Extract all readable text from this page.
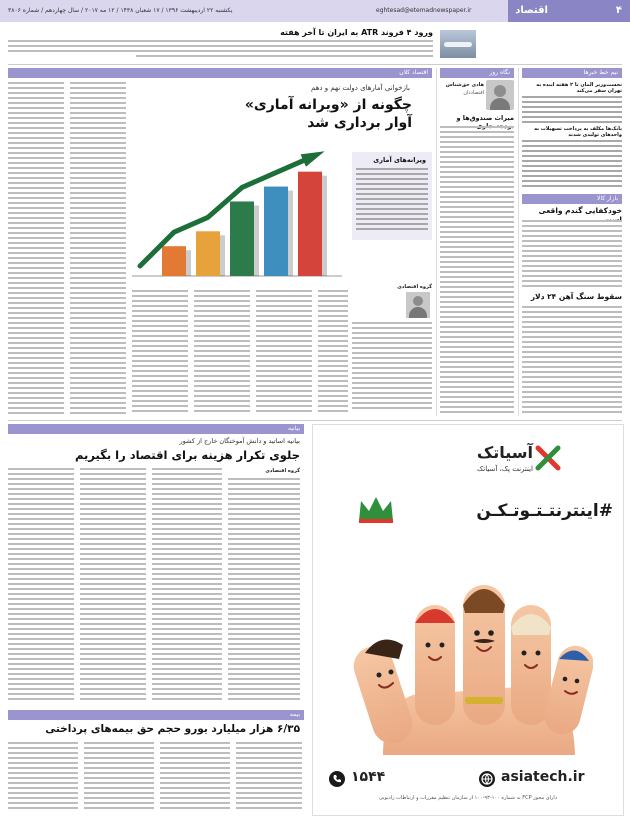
۴
اقتصاد
eghtesad@etemadnewspaper.ir
یکشنبه ۲۲ اردیبهشت ۱۳۹۶ / ۱۷ شعبان ۱۴۳۸ / ۱۲ مه ۲۰۱۷ / سال چهاردهم / شماره ۳۸۰۶
ورود ۴ فروند ATR به ایران تا آخر هفته
نیم خط خبرها
نخست‌وزیر آلمان تا ۲ هفته آینده به تهران سفر می‌کند
بانک‌ها مکلف به پرداخت تسهیلات به واحدهای تولیدی شدند
بازار کالا
خودکفایی گندم واقعی
سقوط سنگ آهن ۲۴ دلار
نگاه روز
هادی حق‌شناس
اقتصاددان
میراث صندوق‌ها و
اقتصاد کلان
بازخوانی آمارهای دولت نهم و دهم
چگونه از «ویرانه آماری»
آوار برداری شد
ویرانه‌های آماری
گروه اقتصادی
بیانیه
بیانیه اساتید و دانش آموختگان خارج از کشور
جلوی تکرار هزینه برای اقتصاد را بگیریم
گروه اقتصادی
بیمه
۶/۳۵ هزار میلیارد یورو حجم حق بیمه‌های پرداختی
آسیاتک
اینترنت پک، آسیاتک
#اینترنتـتـوتـکـن
۱۵۴۴	asiatech.ir
دارای مجوز FCP به شماره ۱۰۰-۹۳-۱۰۰ از سازمان تنظیم مقررات و ارتباطات رادیویی
